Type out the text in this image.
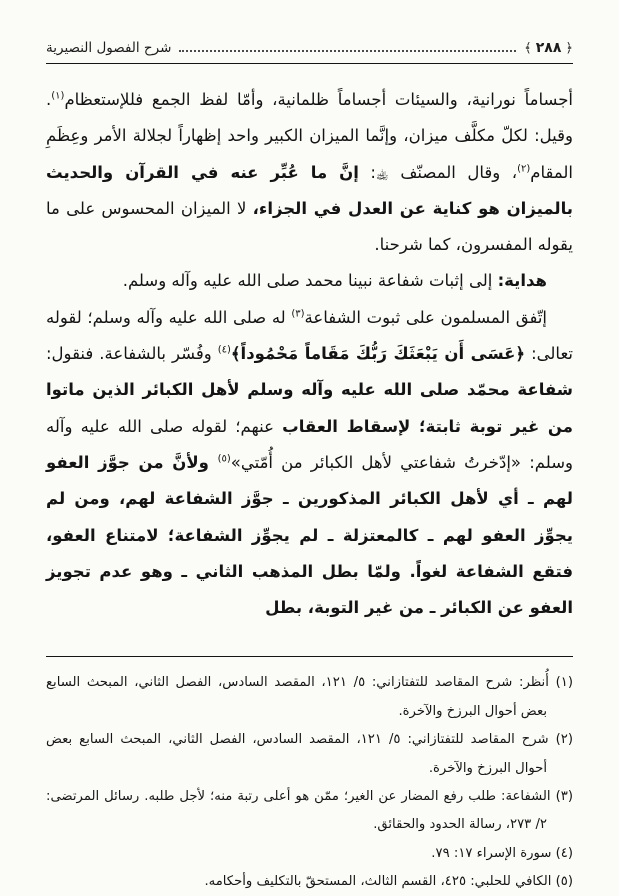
﴿
٢٨٨
﴾
شرح الفصول النصيرية

أجساماً نورانية، والسيئات أجساماً ظلمانية، وأمّا لفظ الجمع فللإستعظام$^{(١)}$. وقيل: لكلّ مكلَّف ميزان، وإنَّما الميزان الكبير واحد إظهاراً لجلالة الأمر وعِظَمِ المقام$^{(٢)}$، وقال المصنّف ﵀: إنَّ ما عُبِّر عنه في القرآن والحديث بالميزان هو كناية عن العدل في الجزاء، لا الميزان المحسوس على ما يقوله المفسرون، كما شرحنا.

هداية: إلى إثبات شفاعة نبينا محمد صلى الله عليه وآله وسلم.

إتّفق المسلمون على ثبوت الشفاعة$^{(٣)}$ له صلى الله عليه وآله وسلم؛ لقوله تعالى: ﴿عَسَى أَن يَبْعَثَكَ رَبُّكَ مَقَاماً مَحْمُوداً﴾$^{(٤)}$ وفُسّر بالشفاعة. فنقول: شفاعة محمّد صلى الله عليه وآله وسلم لأهل الكبائر الذين ماتوا من غير توبة ثابتة؛ لإسقاط العقاب عنهم؛ لقوله صلى الله عليه وآله وسلم: «إدّخرتُ شفاعتي لأهل الكبائر من أُمّتي»$^{(٥)}$ ولأنَّ من جوَّز العفو لهم ـ أي لأهل الكبائر المذكورين ـ جوَّز الشفاعة لهم، ومن لم يجوِّز العفو لهم ـ كالمعتزلة ـ لم يجوِّز الشفاعة؛ لامتناع العفو، فتقع الشفاعة لغواً. ولمّا بطل المذهب الثاني ـ وهو عدم تجويز العفو عن الكبائر ـ من غير التوبة، بطل

(١) أُنظر: شرح المقاصد للتفتازاني: ٥/ ١٢١، المقصد السادس، الفصل الثاني، المبحث السابع بعض أحوال البرزخ والآخرة.
(٢) شرح المقاصد للتفتازاني: ٥/ ١٢١، المقصد السادس، الفصل الثاني، المبحث السابع بعض أحوال البرزخ والآخرة.
(٣) الشفاعة: طلب رفع المضار عن الغير؛ ممّن هو أعلى رتبة منه؛ لأجل طلبه. رسائل المرتضى: ٢/ ٢٧٣، رسالة الحدود والحقائق.
(٤) سورة الإسراء ١٧: ٧٩.
(٥) الكافي للحلبي: ٤٢٥، القسم الثالث، المستحقّ بالتكليف وأحكامه.
